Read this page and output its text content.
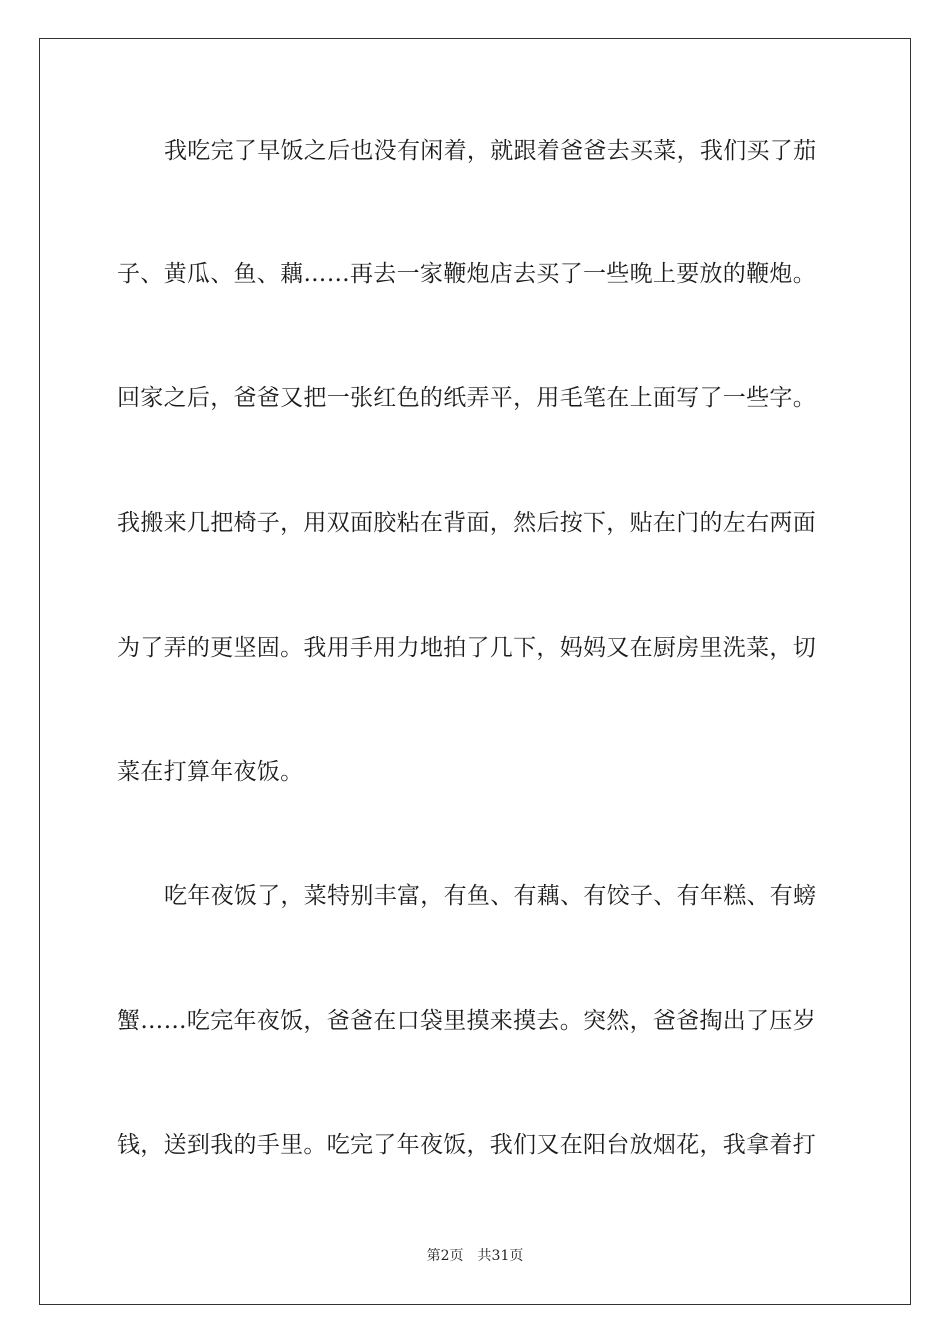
我吃完了早饭之后也没有闲着，就跟着爸爸去买菜，我们买了茄
子、黄瓜、鱼、藕……再去一家鞭炮店去买了一些晚上要放的鞭炮。
回家之后，爸爸又把一张红色的纸弄平，用毛笔在上面写了一些字。
我搬来几把椅子，用双面胶粘在背面，然后按下，贴在门的左右两面
为了弄的更坚固。我用手用力地拍了几下，妈妈又在厨房里洗菜，切
菜在打算年夜饭。
吃年夜饭了，菜特别丰富，有鱼、有藕、有饺子、有年糕、有螃
蟹……吃完年夜饭，爸爸在口袋里摸来摸去。突然，爸爸掏出了压岁
钱，送到我的手里。吃完了年夜饭，我们又在阳台放烟花，我拿着打
第2页 共31页
